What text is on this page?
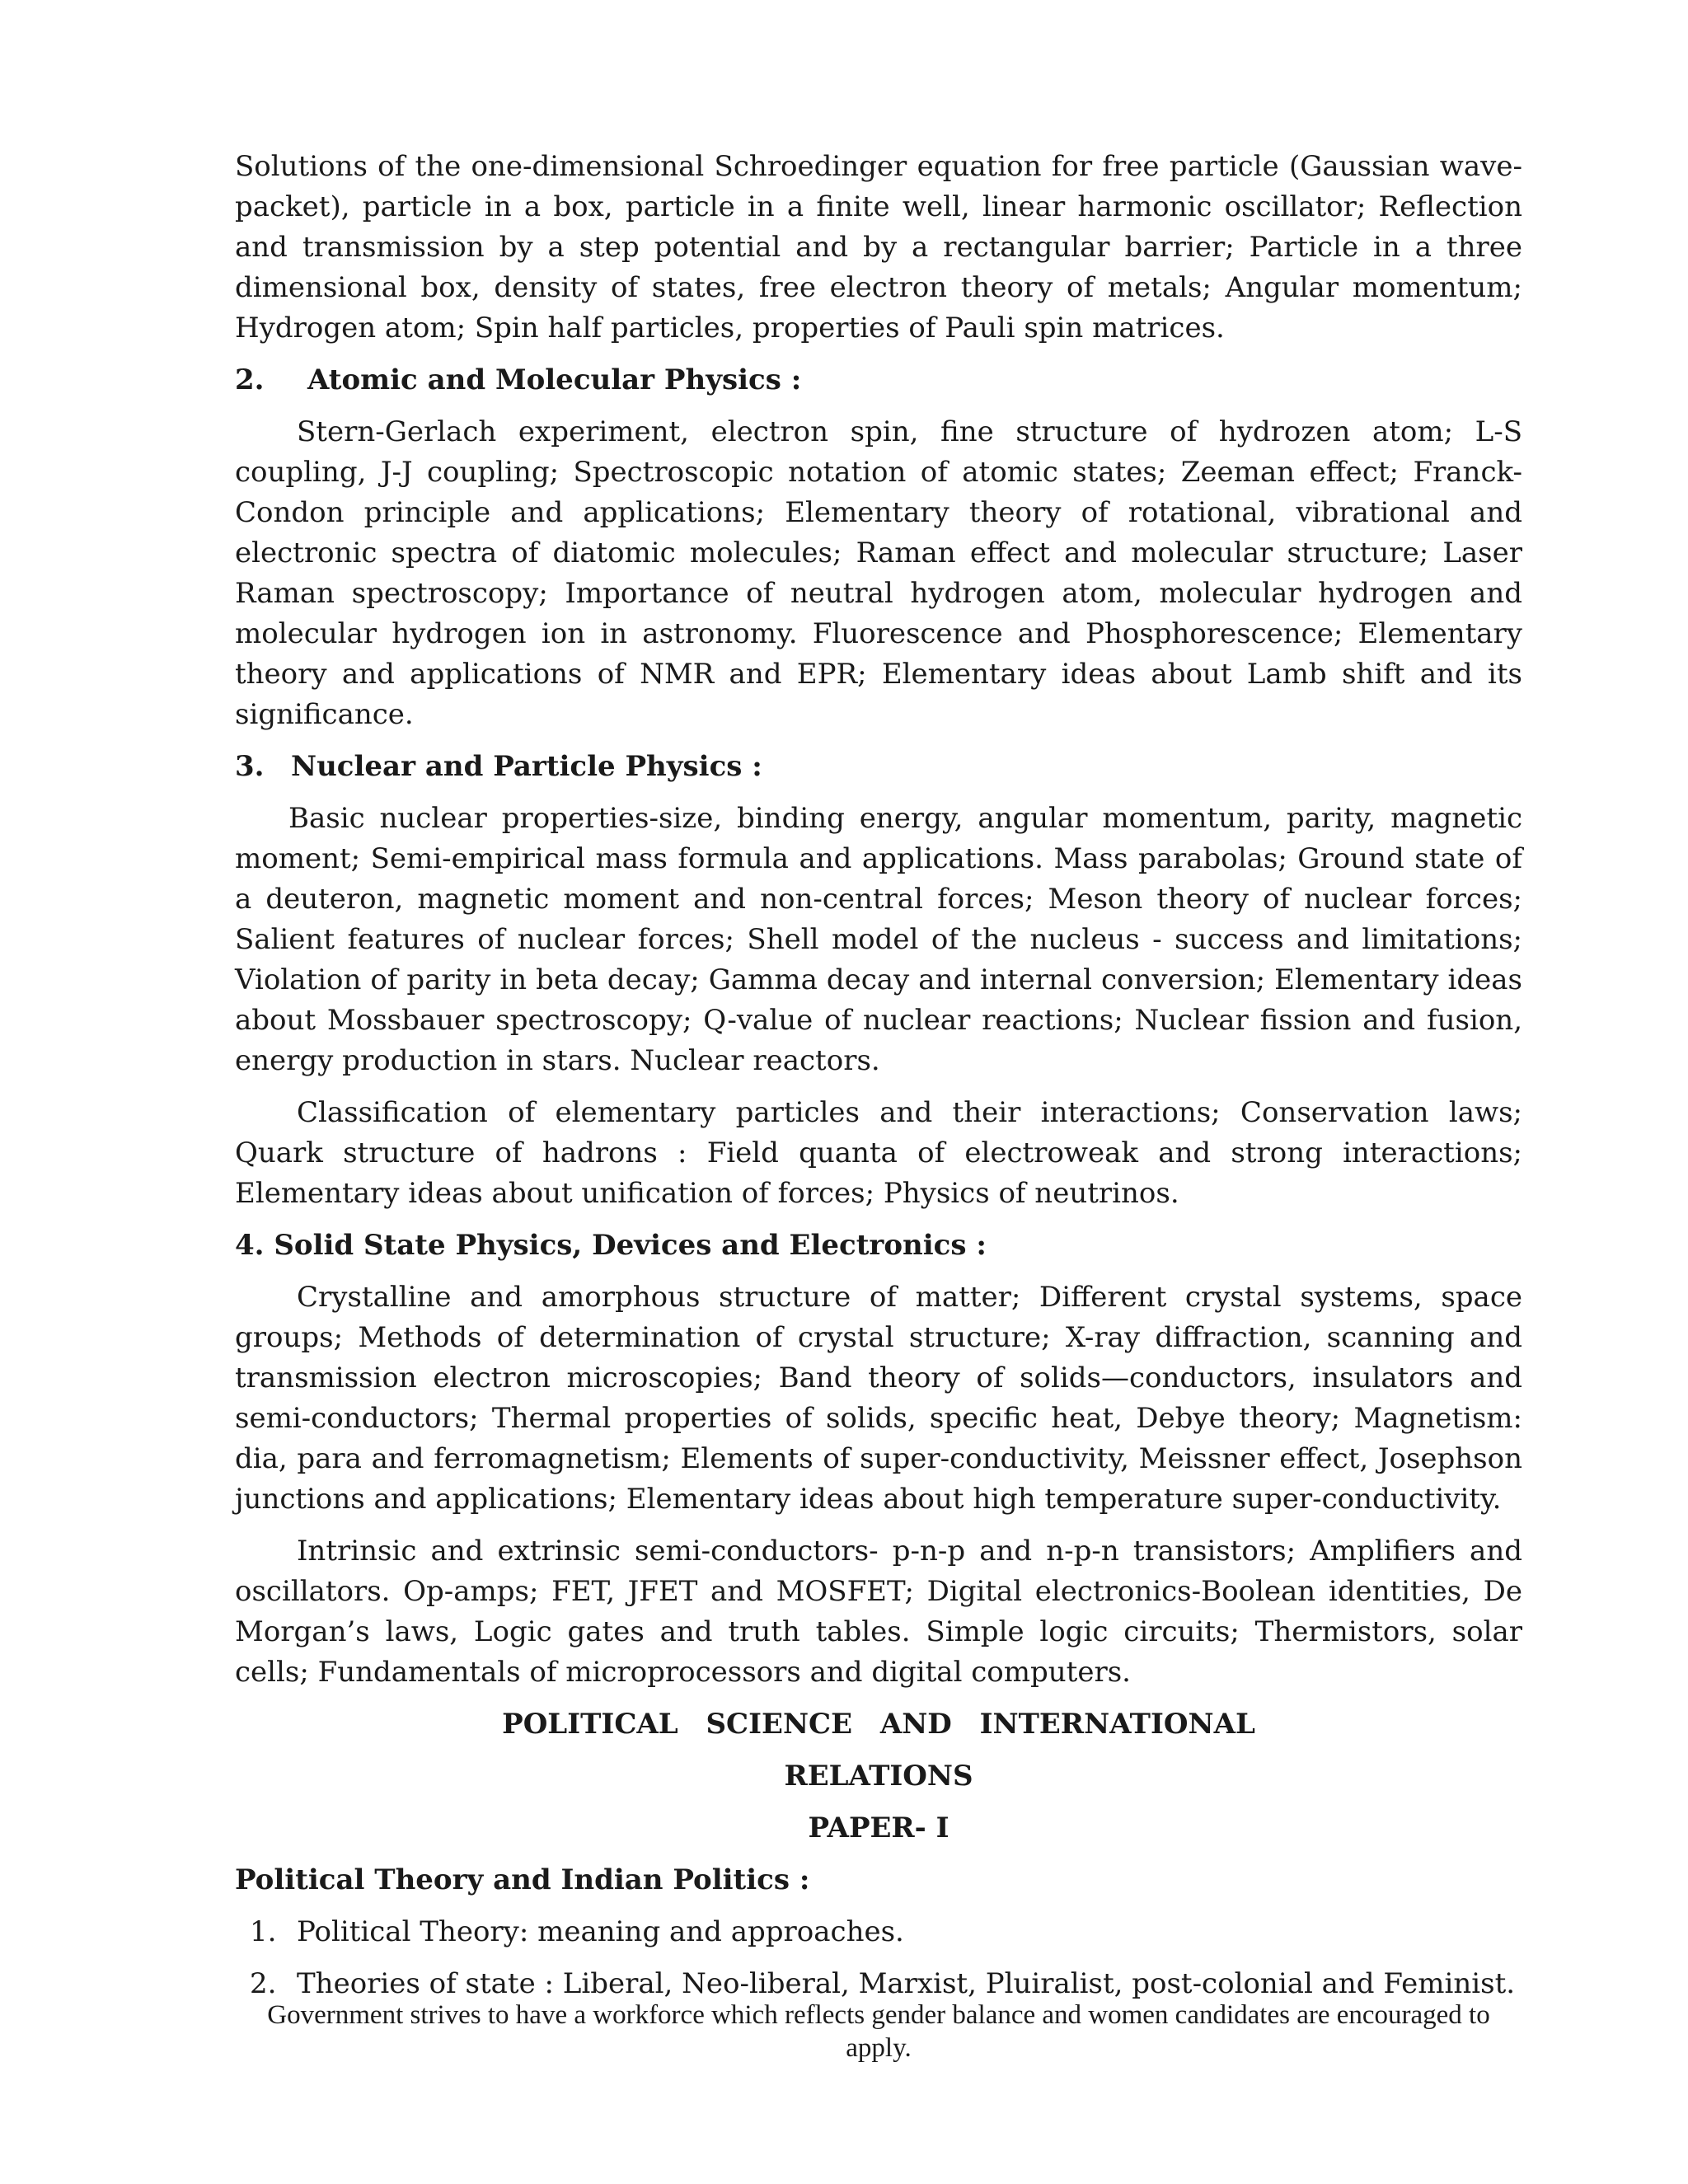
Solutions of the one-dimensional Schroedinger equation for free particle (Gaussian wave-packet), particle in a box, particle in a finite well, linear harmonic oscillator; Reflection and transmission by a step potential and by a rectangular barrier; Particle in a three dimensional box, density of states, free electron theory of metals; Angular momentum; Hydrogen atom; Spin half particles, properties of Pauli spin matrices.

2. Atomic and Molecular Physics :

Stern-Gerlach experiment, electron spin, fine structure of hydrozen atom; L-S coupling, J-J coupling; Spectroscopic notation of atomic states; Zeeman effect; Franck-Condon principle and applications; Elementary theory of rotational, vibrational and electronic spectra of diatomic molecules; Raman effect and molecular structure; Laser Raman spectroscopy; Importance of neutral hydrogen atom, molecular hydrogen and molecular hydrogen ion in astronomy. Fluorescence and Phosphorescence; Elementary theory and applications of NMR and EPR; Elementary ideas about Lamb shift and its significance.

3. Nuclear and Particle Physics :

Basic nuclear properties-size, binding energy, angular momentum, parity, magnetic moment; Semi-empirical mass formula and applications. Mass parabolas; Ground state of a deuteron, magnetic moment and non-central forces; Meson theory of nuclear forces; Salient features of nuclear forces; Shell model of the nucleus - success and limitations; Violation of parity in beta decay; Gamma decay and internal conversion; Elementary ideas about Mossbauer spectroscopy; Q-value of nuclear reactions; Nuclear fission and fusion, energy production in stars. Nuclear reactors.

Classification of elementary particles and their interactions; Conservation laws; Quark structure of hadrons : Field quanta of electroweak and strong interactions; Elementary ideas about unification of forces; Physics of neutrinos.

4. Solid State Physics, Devices and Electronics :

Crystalline and amorphous structure of matter; Different crystal systems, space groups; Methods of determination of crystal structure; X-ray diffraction, scanning and transmission electron microscopies; Band theory of solids—conductors, insulators and semi-conductors; Thermal properties of solids, specific heat, Debye theory; Magnetism: dia, para and ferromagnetism; Elements of super-conductivity, Meissner effect, Josephson junctions and applications; Elementary ideas about high temperature super-conductivity.

Intrinsic and extrinsic semi-conductors- p-n-p and n-p-n transistors; Amplifiers and oscillators. Op-amps; FET, JFET and MOSFET; Digital electronics-Boolean identities, De Morgan’s laws, Logic gates and truth tables. Simple logic circuits; Thermistors, solar cells; Fundamentals of microprocessors and digital computers.

POLITICAL SCIENCE AND INTERNATIONAL
RELATIONS
PAPER- I
Political Theory and Indian Politics :
1. Political Theory: meaning and approaches.
2. Theories of state : Liberal, Neo-liberal, Marxist, Pluiralist, post-colonial and Feminist.
Government strives to have a workforce which reflects gender balance and women candidates are encouraged to apply.
